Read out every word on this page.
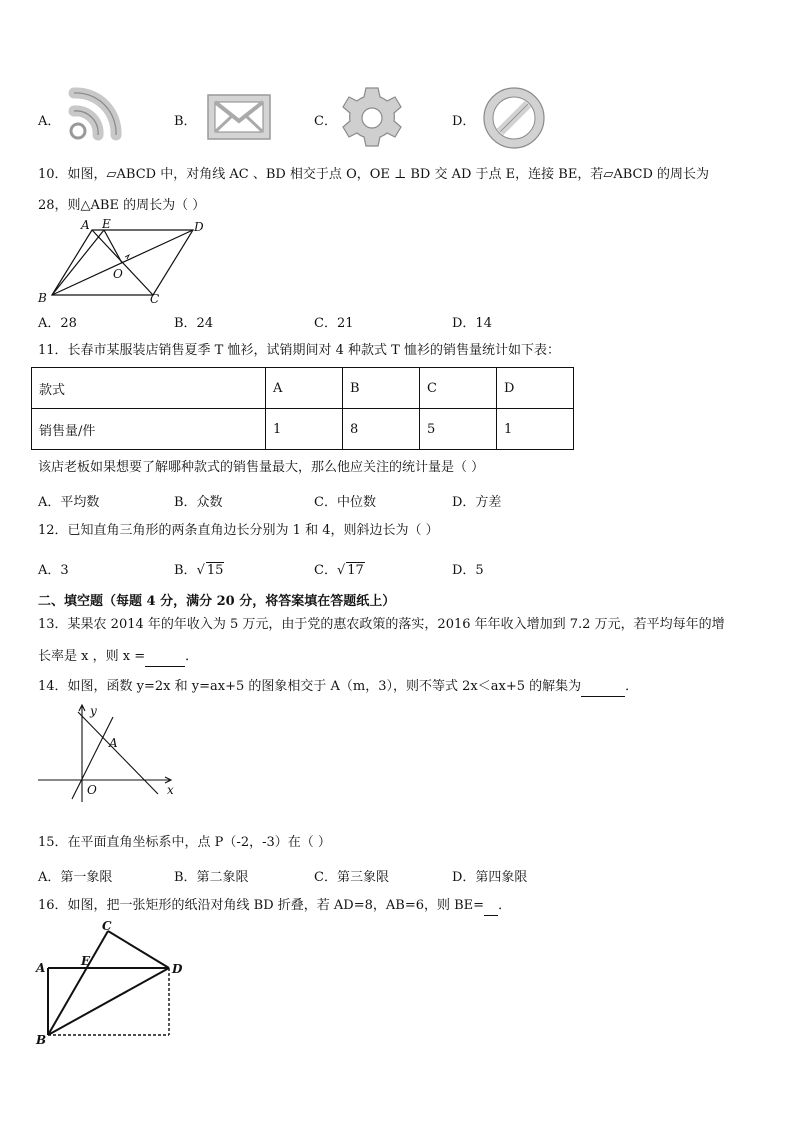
A．	B．	C．	D．
10．如图，▱ABCD 中，对角线 AC 、BD 相交于点 O，OE ⊥ BD 交 AD 于点 E，连接 BE，若▱ABCD 的周长为
28，则△ABE 的周长为（ ）
A E	D
O
B	C
A．28	B．24	C．21	D．14
11．长春市某服装店销售夏季 T 恤衫，试销期间对 4 种款式 T 恤衫的销售量统计如下表：
款式	A	B	C	D
销售量/件	1	8	5	1
该店老板如果想要了解哪种款式的销售量最大，那么他应关注的统计量是（ ）
A．平均数	B．众数	C．中位数	D．方差
12．已知直角三角形的两条直角边长分别为 1 和 4，则斜边长为（ ）
A．3	B．√ 15	C．√ 17	D．5
二、填空题（每题 4 分，满分 20 分，将答案填在答题纸上）
13．某果农 2014 年的年收入为 5 万元，由于党的惠农政策的落实，2016 年年收入增加到 7.2 万元，若平均每年的增
长率是 x ，则 x =	．
14．如图，函数 y=2x 和 y=ax+5 的图象相交于 A（m，3），则不等式 2x＜ax+5 的解集为	．
y
x
O
A
15．在平面直角坐标系中，点 P（-2，-3）在（ ）
A．第一象限	B．第二象限	C．第三象限	D．第四象限
16．如图，把一张矩形的纸沿对角线 BD 折叠，若 AD=8，AB=6，则 BE= ．
C
A	E
D
B
